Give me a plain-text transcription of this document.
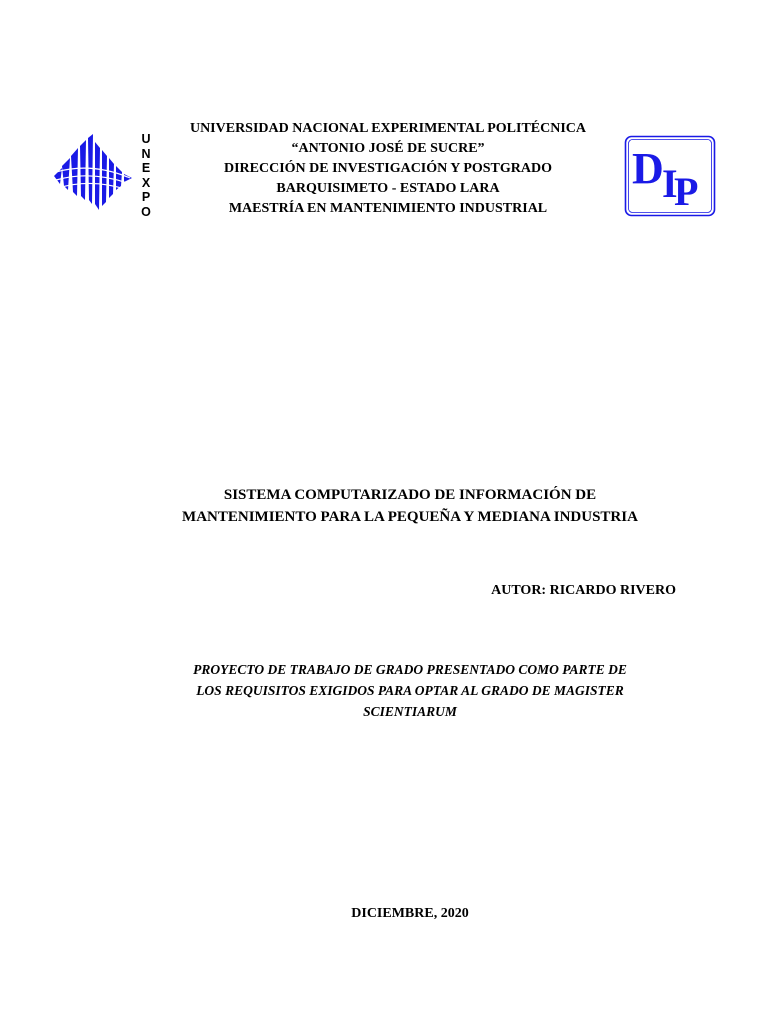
U
N
E
X
P
O
UNIVERSIDAD NACIONAL EXPERIMENTAL POLITÉCNICA
“ANTONIO JOSÉ DE SUCRE”
DIRECCIÓN DE INVESTIGACIÓN Y POSTGRADO
BARQUISIMETO - ESTADO LARA
MAESTRÍA EN MANTENIMIENTO INDUSTRIAL
D
I
P
SISTEMA COMPUTARIZADO DE INFORMACIÓN DE
MANTENIMIENTO PARA LA PEQUEÑA Y MEDIANA INDUSTRIA
AUTOR: RICARDO RIVERO
PROYECTO DE TRABAJO DE GRADO PRESENTADO COMO PARTE DE
LOS REQUISITOS EXIGIDOS PARA OPTAR AL GRADO DE MAGISTER
SCIENTIARUM
DICIEMBRE, 2020
